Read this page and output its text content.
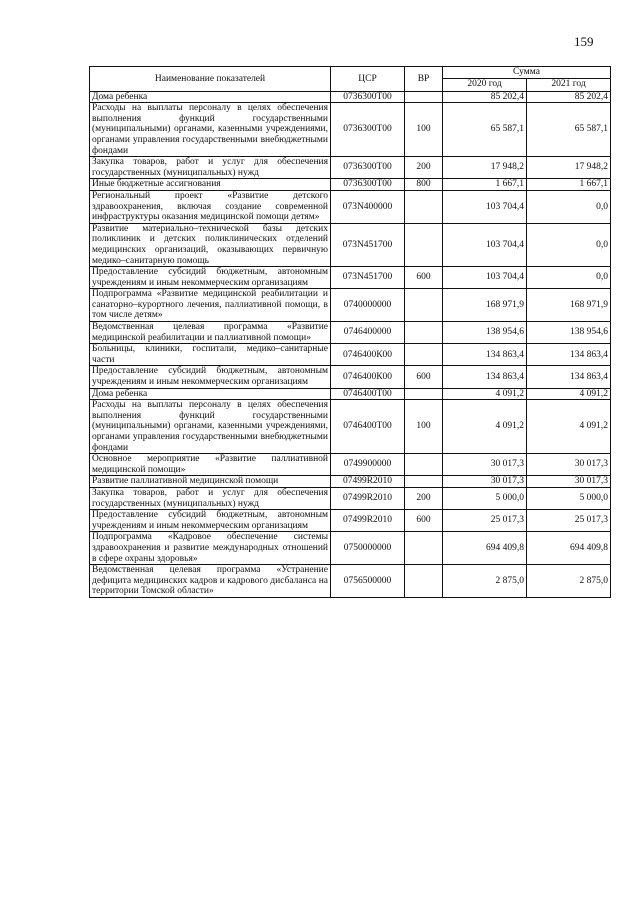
159
Наименование показателей	ЦСР	ВР	Сумма	
			2020 год	2021 год
Дома ребенка	0736300Т00		85 202,4	85 202,4
Расходы на выплаты персоналу в целях обеспечения выполнения функций государственными (муниципальными) органами, казенными учреждениями, органами управления государственными внебюджетными фондами	0736300Т00	100	65 587,1	65 587,1
Закупка товаров, работ и услуг для обеспечения государственных (муниципальных) нужд	0736300Т00	200	17 948,2	17 948,2
Иные бюджетные ассигнования	0736300Т00	800	1 667,1	1 667,1
Региональный проект «Развитие детского здравоохранения, включая создание современной инфраструктуры оказания медицинской помощи детям»	073N400000		103 704,4	0,0
Развитие материально–технической базы детских поликлиник и детских поликлинических отделений медицинских организаций, оказывающих первичную медико–санитарную помощь	073N451700		103 704,4	0,0
Предоставление субсидий бюджетным, автономным учреждениям и иным некоммерческим организациям	073N451700	600	103 704,4	0,0
Подпрограмма «Развитие медицинской реабилитации и санаторно–курортного лечения, паллиативной помощи, в том числе детям»	0740000000		168 971,9	168 971,9
Ведомственная целевая программа «Развитие медицинской реабилитации и паллиативной помощи»	0746400000		138 954,6	138 954,6
Больницы, клиники, госпитали, медико–санитарные части	0746400К00		134 863,4	134 863,4
Предоставление субсидий бюджетным, автономным учреждениям и иным некоммерческим организациям	0746400К00	600	134 863,4	134 863,4
Дома ребенка	0746400Т00		4 091,2	4 091,2
Расходы на выплаты персоналу в целях обеспечения выполнения функций государственными (муниципальными) органами, казенными учреждениями, органами управления государственными внебюджетными фондами	0746400Т00	100	4 091,2	4 091,2
Основное мероприятие «Развитие паллиативной медицинской помощи»	0749900000		30 017,3	30 017,3
Развитие паллиативной медицинской помощи	07499R2010		30 017,3	30 017,3
Закупка товаров, работ и услуг для обеспечения государственных (муниципальных) нужд	07499R2010	200	5 000,0	5 000,0
Предоставление субсидий бюджетным, автономным учреждениям и иным некоммерческим организациям	07499R2010	600	25 017,3	25 017,3
Подпрограмма «Кадровое обеспечение системы здравоохранения и развитие международных отношений в сфере охраны здоровья»	0750000000		694 409,8	694 409,8
Ведомственная целевая программа «Устранение дефицита медицинских кадров и кадрового дисбаланса на территории Томской области»	0756500000		2 875,0	2 875,0
